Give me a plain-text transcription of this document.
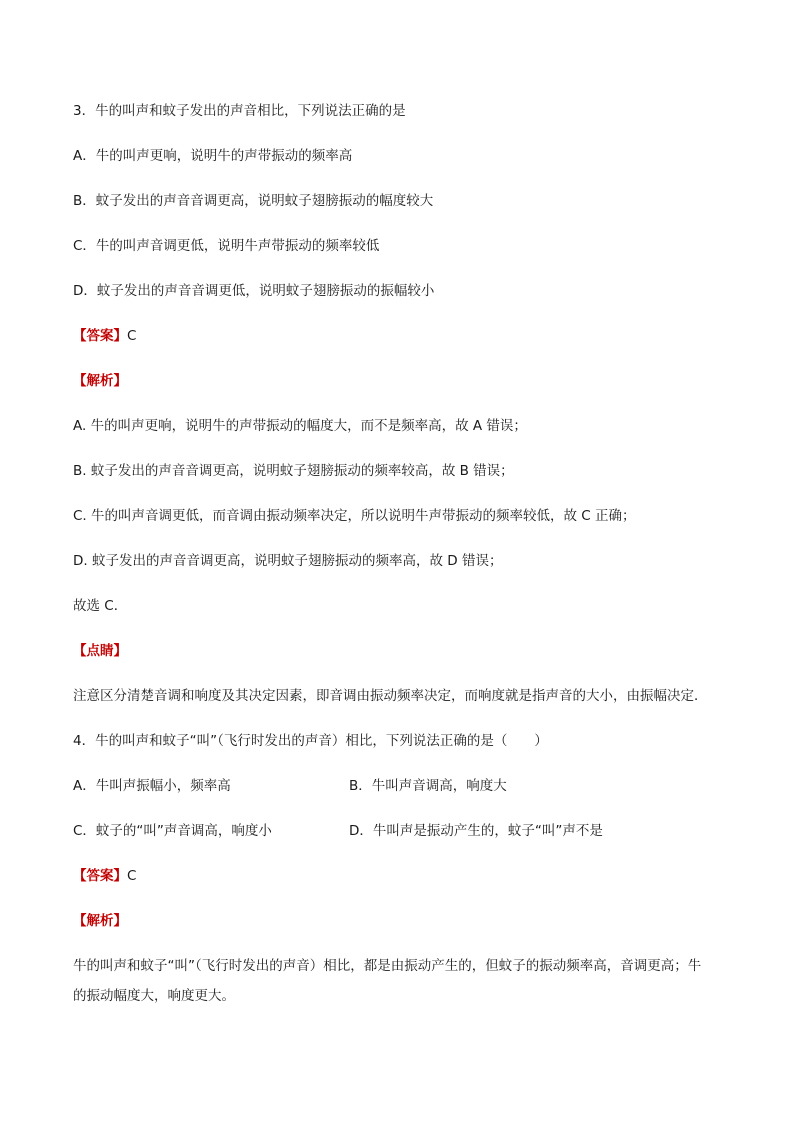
3．牛的叫声和蚊子发出的声音相比，下列说法正确的是
A．牛的叫声更响，说明牛的声带振动的频率高
B．蚊子发出的声音音调更高，说明蚊子翅膀振动的幅度较大
C．牛的叫声音调更低，说明牛声带振动的频率较低
D．蚊子发出的声音音调更低，说明蚊子翅膀振动的振幅较小
【答案】C
【解析】
A. 牛的叫声更响，说明牛的声带振动的幅度大，而不是频率高，故 A 错误；
B. 蚊子发出的声音音调更高，说明蚊子翅膀振动的频率较高，故 B 错误；
C. 牛的叫声音调更低，而音调由振动频率决定，所以说明牛声带振动的频率较低，故 C 正确；
D. 蚊子发出的声音音调更高，说明蚊子翅膀振动的频率高，故 D 错误；
故选 C．
【点睛】
注意区分清楚音调和响度及其决定因素，即音调由振动频率决定，而响度就是指声音的大小，由振幅决定．
4．牛的叫声和蚊子“叫”（飞行时发出的声音）相比，下列说法正确的是（　　）
A．牛叫声振幅小，频率高	B．牛叫声音调高，响度大
C．蚊子的“叫”声音调高，响度小	D．牛叫声是振动产生的，蚊子“叫”声不是
【答案】C
【解析】
牛的叫声和蚊子“叫”（飞行时发出的声音）相比，都是由振动产生的，但蚊子的振动频率高，音调更高；牛
的振动幅度大，响度更大。
